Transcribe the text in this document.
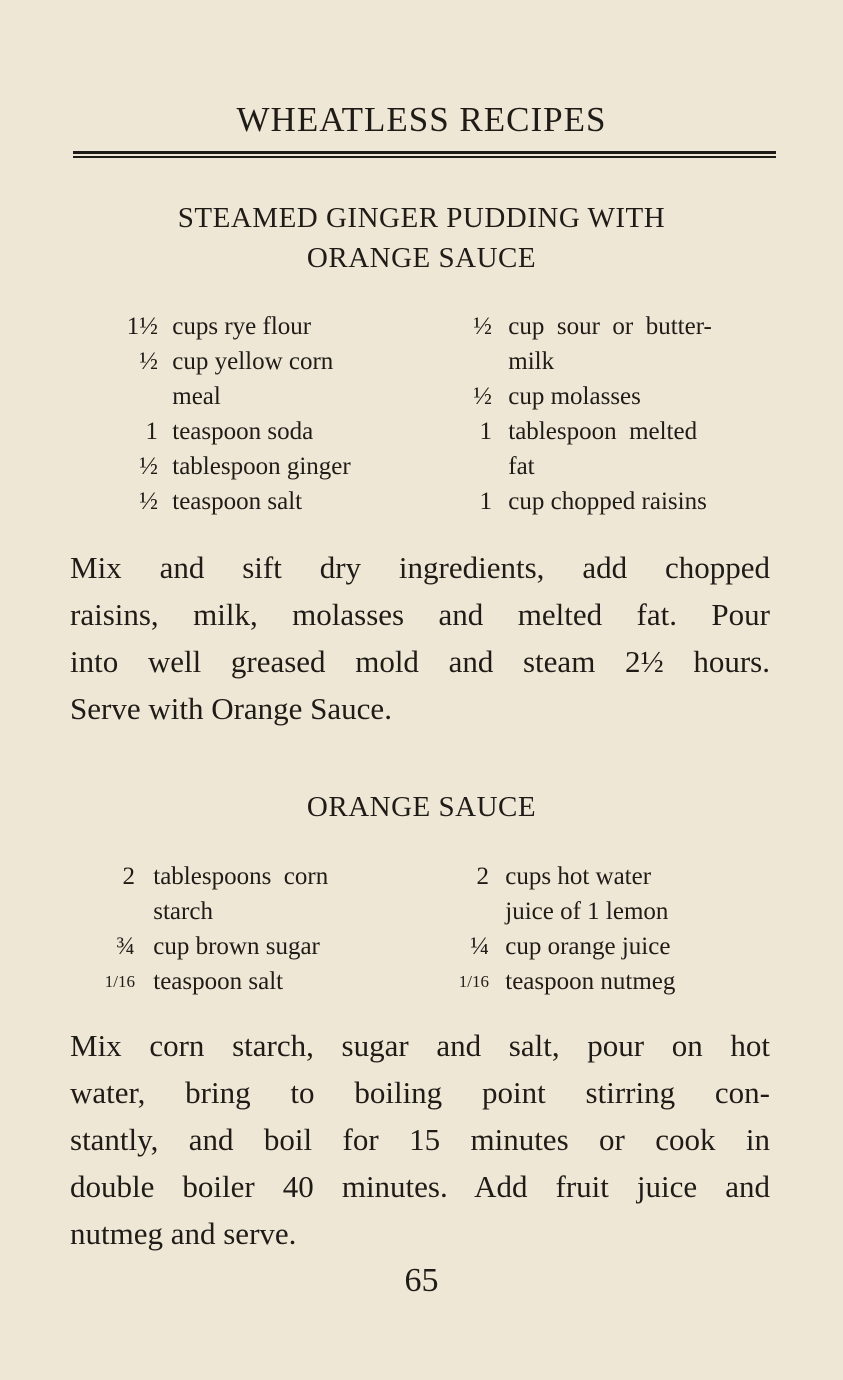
WHEATLESS RECIPES
STEAMED GINGER PUDDING WITH
ORANGE SAUCE
1½ cups rye flour
½ cup yellow corn
meal
1 teaspoon soda
½ tablespoon ginger
½ teaspoon salt
½ cup  sour  or  butter-
milk
½ cup molasses
1 tablespoon  melted
fat
1 cup chopped raisins
Mix and sift dry ingredients, add chopped
raisins, milk, molasses and melted fat. Pour
into well greased mold and steam 2½ hours.
Serve with Orange Sauce.
ORANGE SAUCE
2 tablespoons  corn
starch
¾ cup brown sugar
1/16 teaspoon salt
2 cups hot water
juice of 1 lemon
¼ cup orange juice
1/16 teaspoon nutmeg
Mix corn starch, sugar and salt, pour on hot
water, bring to boiling point stirring con-
stantly, and boil for 15 minutes or cook in
double boiler 40 minutes. Add fruit juice and
nutmeg and serve.
65
